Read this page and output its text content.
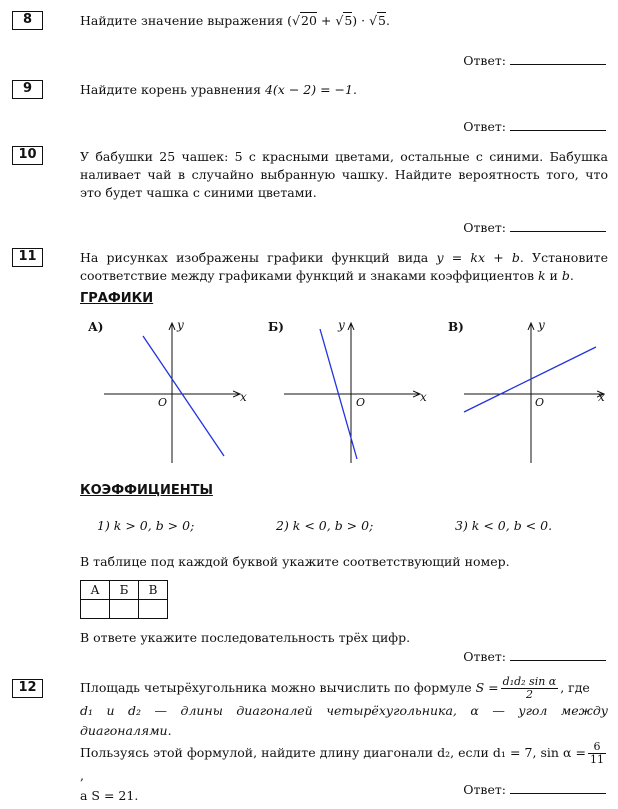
8	Найдите значение выражения (√20 + √5) · √5.
Ответ:
9	Найдите корень уравнения 4(x − 2) = −1.
Ответ:
10	У бабушки 25 чашек: 5 с красными цветами, остальные с синими. Бабушка наливает чай в случайно выбранную чашку. Найдите вероятность того, что это будет чашка с синими цветами.
Ответ:
11	На рисунках изображены графики функций вида y = kx + b. Установите соответствие между графиками функций и знаками коэффициентов k и b.
ГРАФИКИ
А)	y
x
O
Б)	y
x
O
В)	y
x
O
КОЭФФИЦИЕНТЫ
1) k > 0, b > 0;	2) k < 0, b > 0;	3) k < 0, b < 0.
В таблице под каждой буквой укажите соответствующий номер.
А	Б	В

В ответе укажите последовательность трёх цифр.
Ответ:
12	Площадь четырёхугольника можно вычислить по формуле $S = \frac{\text{d₁d₂ sin α}}{2}$ , где
d₁ и d₂ — длины диагоналей четырёхугольника, α — угол между диагоналями.
Пользуясь этой формулой, найдите длину диагонали d₂, если d₁ = 7, $\sin \alpha = \frac{6}{11}$
,
а S = 21.	Ответ:
